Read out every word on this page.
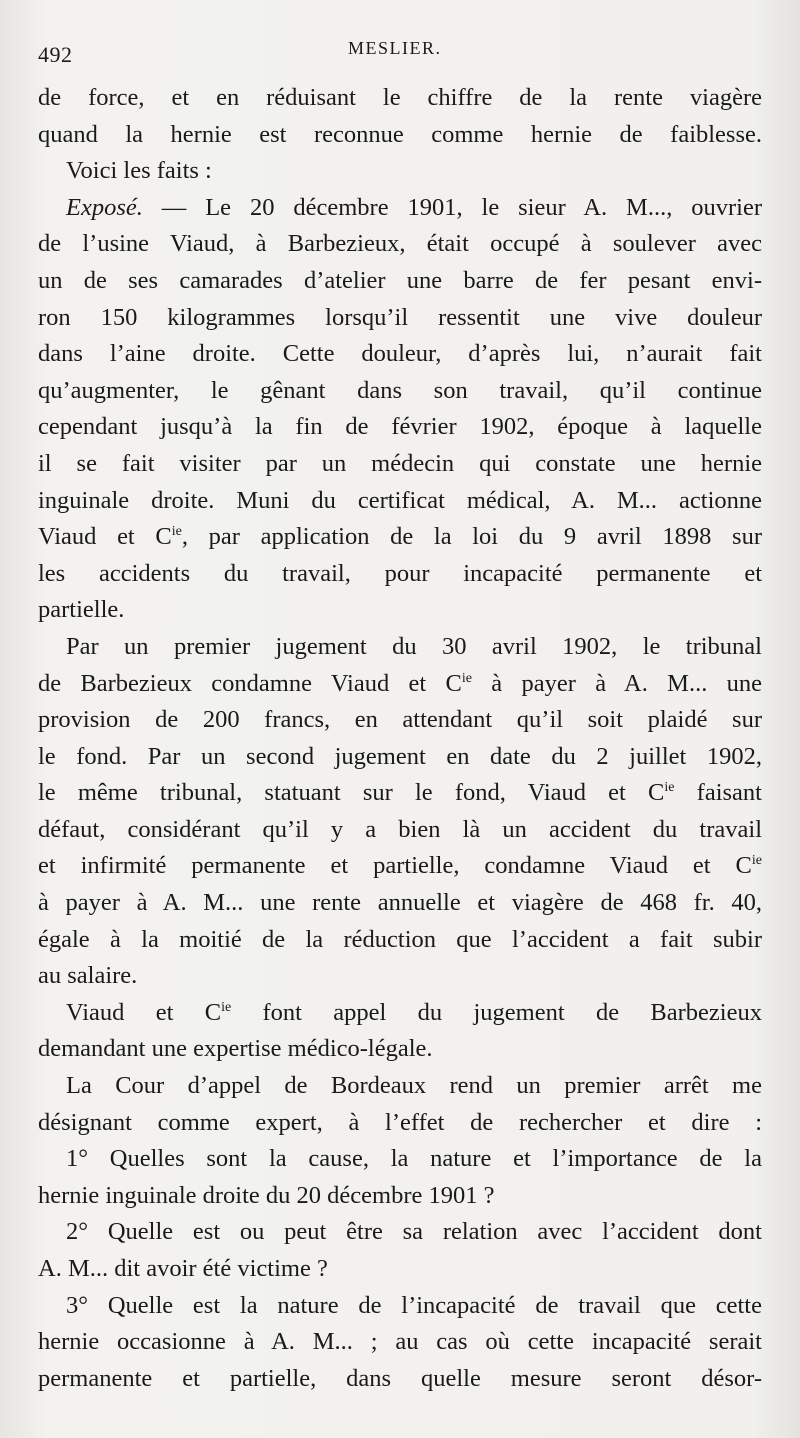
492	MESLIER.
de force, et en réduisant le chiffre de la rente viagère
quand la hernie est reconnue comme hernie de faiblesse.
Voici les faits :
Exposé. — Le 20 décembre 1901, le sieur A. M..., ouvrier
de l’usine Viaud, à Barbezieux, était occupé à soulever avec
un de ses camarades d’atelier une barre de fer pesant envi-
ron 150 kilogrammes lorsqu’il ressentit une vive douleur
dans l’aine droite. Cette douleur, d’après lui, n’aurait fait
qu’augmenter, le gênant dans son travail, qu’il continue
cependant jusqu’à la fin de février 1902, époque à laquelle
il se fait visiter par un médecin qui constate une hernie
inguinale droite. Muni du certificat médical, A. M... actionne
Viaud et $C^{ie}$, par application de la loi du 9 avril 1898 sur
les accidents du travail, pour incapacité permanente et
partielle.
Par un premier jugement du 30 avril 1902, le tribunal
de Barbezieux condamne Viaud et $C^{ie}$ à payer à A. M... une
provision de 200 francs, en attendant qu’il soit plaidé sur
le fond. Par un second jugement en date du 2 juillet 1902,
le même tribunal, statuant sur le fond, Viaud et $C^{ie}$ faisant
défaut, considérant qu’il y a bien là un accident du travail
et infirmité permanente et partielle, condamne Viaud et $C^{ie}$
à payer à A. M... une rente annuelle et viagère de 468 fr. 40,
égale à la moitié de la réduction que l’accident a fait subir
au salaire.
Viaud et $C^{ie}$ font appel du jugement de Barbezieux
demandant une expertise médico-légale.
La Cour d’appel de Bordeaux rend un premier arrêt me
désignant comme expert, à l’effet de rechercher et dire :
1° Quelles sont la cause, la nature et l’importance de la
hernie inguinale droite du 20 décembre 1901 ?
2° Quelle est ou peut être sa relation avec l’accident dont
A. M... dit avoir été victime ?
3° Quelle est la nature de l’incapacité de travail que cette
hernie occasionne à A. M... ; au cas où cette incapacité serait
permanente et partielle, dans quelle mesure seront désor-
